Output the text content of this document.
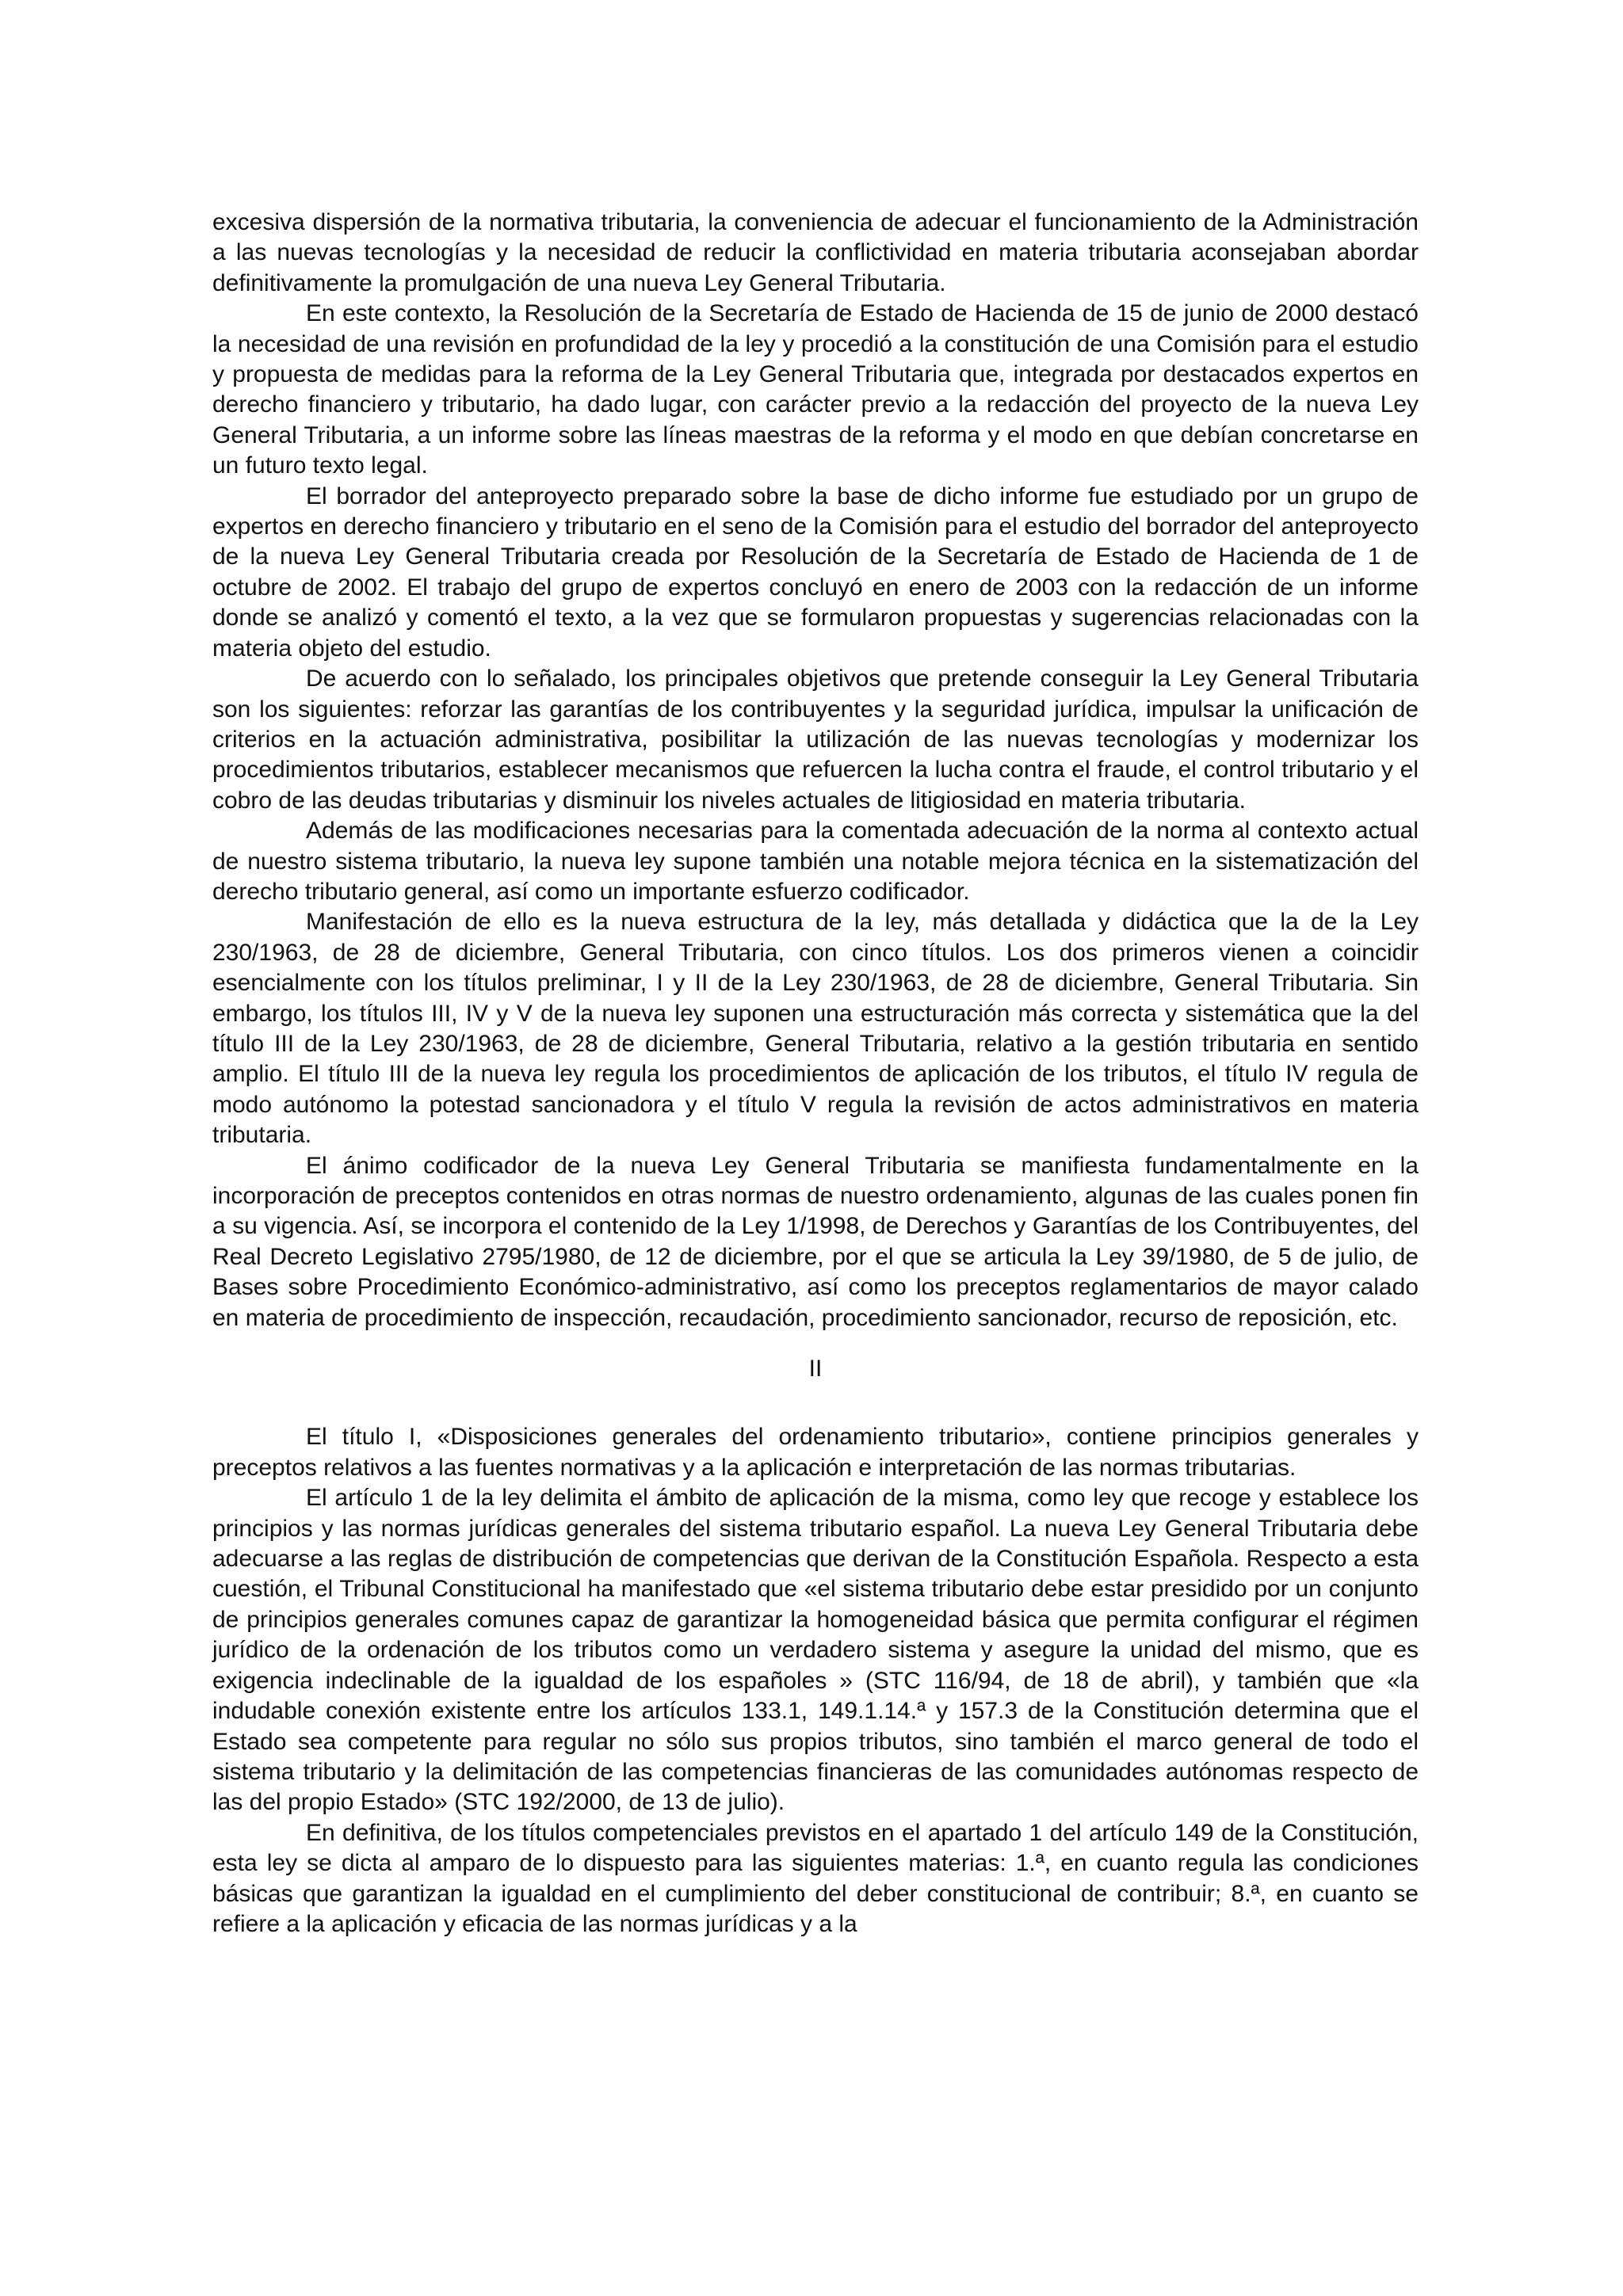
excesiva dispersión de la normativa tributaria, la conveniencia de adecuar el funcionamiento de la Administración a las nuevas tecnologías y la necesidad de reducir la conflictividad en materia tributaria aconsejaban abordar definitivamente la promulgación de una nueva Ley General Tributaria.

En este contexto, la Resolución de la Secretaría de Estado de Hacienda de 15 de junio de 2000 destacó la necesidad de una revisión en profundidad de la ley y procedió a la constitución de una Comisión para el estudio y propuesta de medidas para la reforma de la Ley General Tributaria que, integrada por destacados expertos en derecho financiero y tributario, ha dado lugar, con carácter previo a la redacción del proyecto de la nueva Ley General Tributaria, a un informe sobre las líneas maestras de la reforma y el modo en que debían concretarse en un futuro texto legal.

El borrador del anteproyecto preparado sobre la base de dicho informe fue estudiado por un grupo de expertos en derecho financiero y tributario en el seno de la Comisión para el estudio del borrador del anteproyecto de la nueva Ley General Tributaria creada por Resolución de la Secretaría de Estado de Hacienda de 1 de octubre de 2002. El trabajo del grupo de expertos concluyó en enero de 2003 con la redacción de un informe donde se analizó y comentó el texto, a la vez que se formularon propuestas y sugerencias relacionadas con la materia objeto del estudio.

De acuerdo con lo señalado, los principales objetivos que pretende conseguir la Ley General Tributaria son los siguientes: reforzar las garantías de los contribuyentes y la seguridad jurídica, impulsar la unificación de criterios en la actuación administrativa, posibilitar la utilización de las nuevas tecnologías y modernizar los procedimientos tributarios, establecer mecanismos que refuercen la lucha contra el fraude, el control tributario y el cobro de las deudas tributarias y disminuir los niveles actuales de litigiosidad en materia tributaria.

Además de las modificaciones necesarias para la comentada adecuación de la norma al contexto actual de nuestro sistema tributario, la nueva ley supone también una notable mejora técnica en la sistematización del derecho tributario general, así como un importante esfuerzo codificador.

Manifestación de ello es la nueva estructura de la ley, más detallada y didáctica que la de la Ley 230/1963, de 28 de diciembre, General Tributaria, con cinco títulos. Los dos primeros vienen a coincidir esencialmente con los títulos preliminar, I y II de la Ley 230/1963, de 28 de diciembre, General Tributaria. Sin embargo, los títulos III, IV y V de la nueva ley suponen una estructuración más correcta y sistemática que la del título III de la Ley 230/1963, de 28 de diciembre, General Tributaria, relativo a la gestión tributaria en sentido amplio. El título III de la nueva ley regula los procedimientos de aplicación de los tributos, el título IV regula de modo autónomo la potestad sancionadora y el título V regula la revisión de actos administrativos en materia tributaria.

El ánimo codificador de la nueva Ley General Tributaria se manifiesta fundamentalmente en la incorporación de preceptos contenidos en otras normas de nuestro ordenamiento, algunas de las cuales ponen fin a su vigencia. Así, se incorpora el contenido de la Ley 1/1998, de Derechos y Garantías de los Contribuyentes, del Real Decreto Legislativo 2795/1980, de 12 de diciembre, por el que se articula la Ley 39/1980, de 5 de julio, de Bases sobre Procedimiento Económico-administrativo, así como los preceptos reglamentarios de mayor calado en materia de procedimiento de inspección, recaudación, procedimiento sancionador, recurso de reposición, etc.

II

El título I, «Disposiciones generales del ordenamiento tributario», contiene principios generales y preceptos relativos a las fuentes normativas y a la aplicación e interpretación de las normas tributarias.

El artículo 1 de la ley delimita el ámbito de aplicación de la misma, como ley que recoge y establece los principios y las normas jurídicas generales del sistema tributario español. La nueva Ley General Tributaria debe adecuarse a las reglas de distribución de competencias que derivan de la Constitución Española. Respecto a esta cuestión, el Tribunal Constitucional ha manifestado que «el sistema tributario debe estar presidido por un conjunto de principios generales comunes capaz de garantizar la homogeneidad básica que permita configurar el régimen jurídico de la ordenación de los tributos como un verdadero sistema y asegure la unidad del mismo, que es exigencia indeclinable de la igualdad de los españoles » (STC 116/94, de 18 de abril), y también que «la indudable conexión existente entre los artículos 133.1, 149.1.14.ª y 157.3 de la Constitución determina que el Estado sea competente para regular no sólo sus propios tributos, sino también el marco general de todo el sistema tributario y la delimitación de las competencias financieras de las comunidades autónomas respecto de las del propio Estado» (STC 192/2000, de 13 de julio).

En definitiva, de los títulos competenciales previstos en el apartado 1 del artículo 149 de la Constitución, esta ley se dicta al amparo de lo dispuesto para las siguientes materias: 1.ª, en cuanto regula las condiciones básicas que garantizan la igualdad en el cumplimiento del deber constitucional de contribuir; 8.ª, en cuanto se refiere a la aplicación y eficacia de las normas jurídicas y a la
